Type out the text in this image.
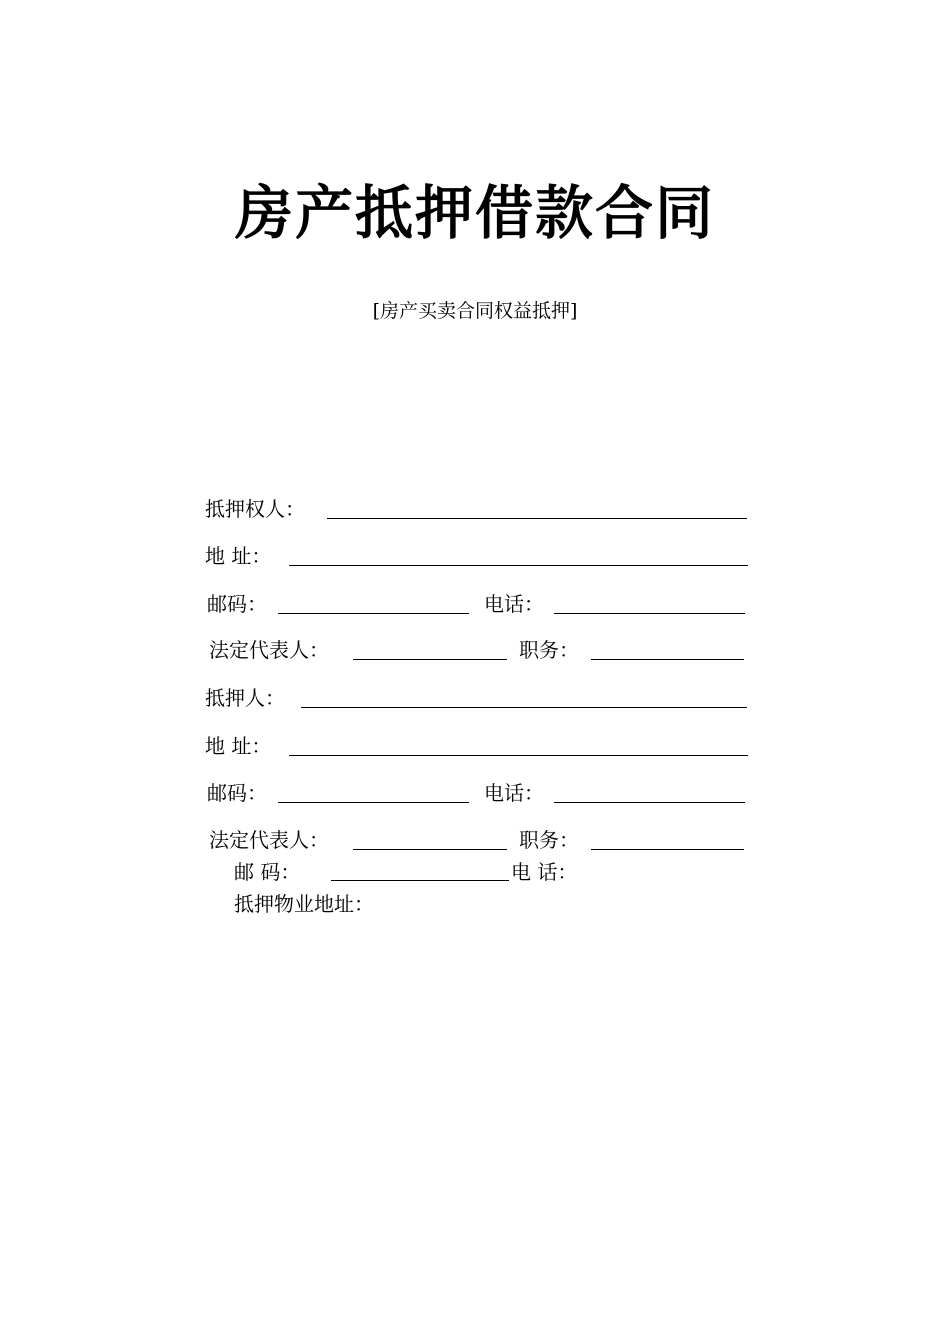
房产抵押借款合同
[房产买卖合同权益抵押]
抵押权人：
地 址：
邮码：	电话：
法定代表人：	职务：
抵押人：
地 址：
邮码：	电话：
法定代表人：	职务：
邮 码：	电 话：
抵押物业地址：
